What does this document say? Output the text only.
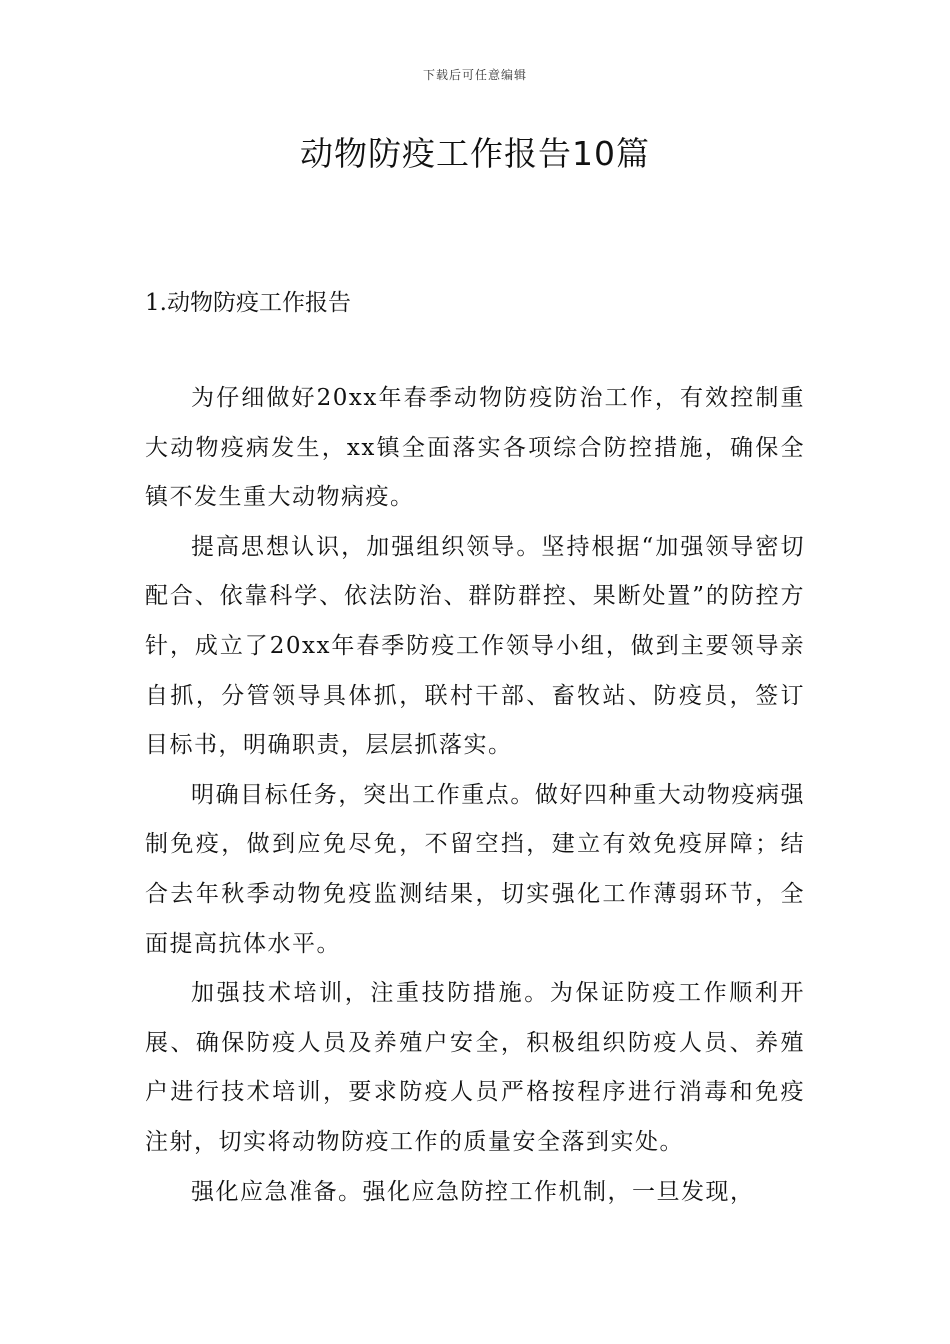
下载后可任意编辑
动物防疫工作报告10篇
1.动物防疫工作报告

为仔细做好20xx年春季动物防疫防治工作，有效控制重大动物疫病发生，xx镇全面落实各项综合防控措施，确保全镇不发生重大动物病疫。

提高思想认识，加强组织领导。坚持根据“加强领导密切配合、依靠科学、依法防治、群防群控、果断处置”的防控方针，成立了20xx年春季防疫工作领导小组，做到主要领导亲自抓，分管领导具体抓，联村干部、畜牧站、防疫员，签订目标书，明确职责，层层抓落实。

明确目标任务，突出工作重点。做好四种重大动物疫病强制免疫，做到应免尽免，不留空挡，建立有效免疫屏障；结合去年秋季动物免疫监测结果，切实强化工作薄弱环节，全面提高抗体水平。

加强技术培训，注重技防措施。为保证防疫工作顺利开展、确保防疫人员及养殖户安全，积极组织防疫人员、养殖户进行技术培训，要求防疫人员严格按程序进行消毒和免疫注射，切实将动物防疫工作的质量安全落到实处。

强化应急准备。强化应急防控工作机制，一旦发现，
